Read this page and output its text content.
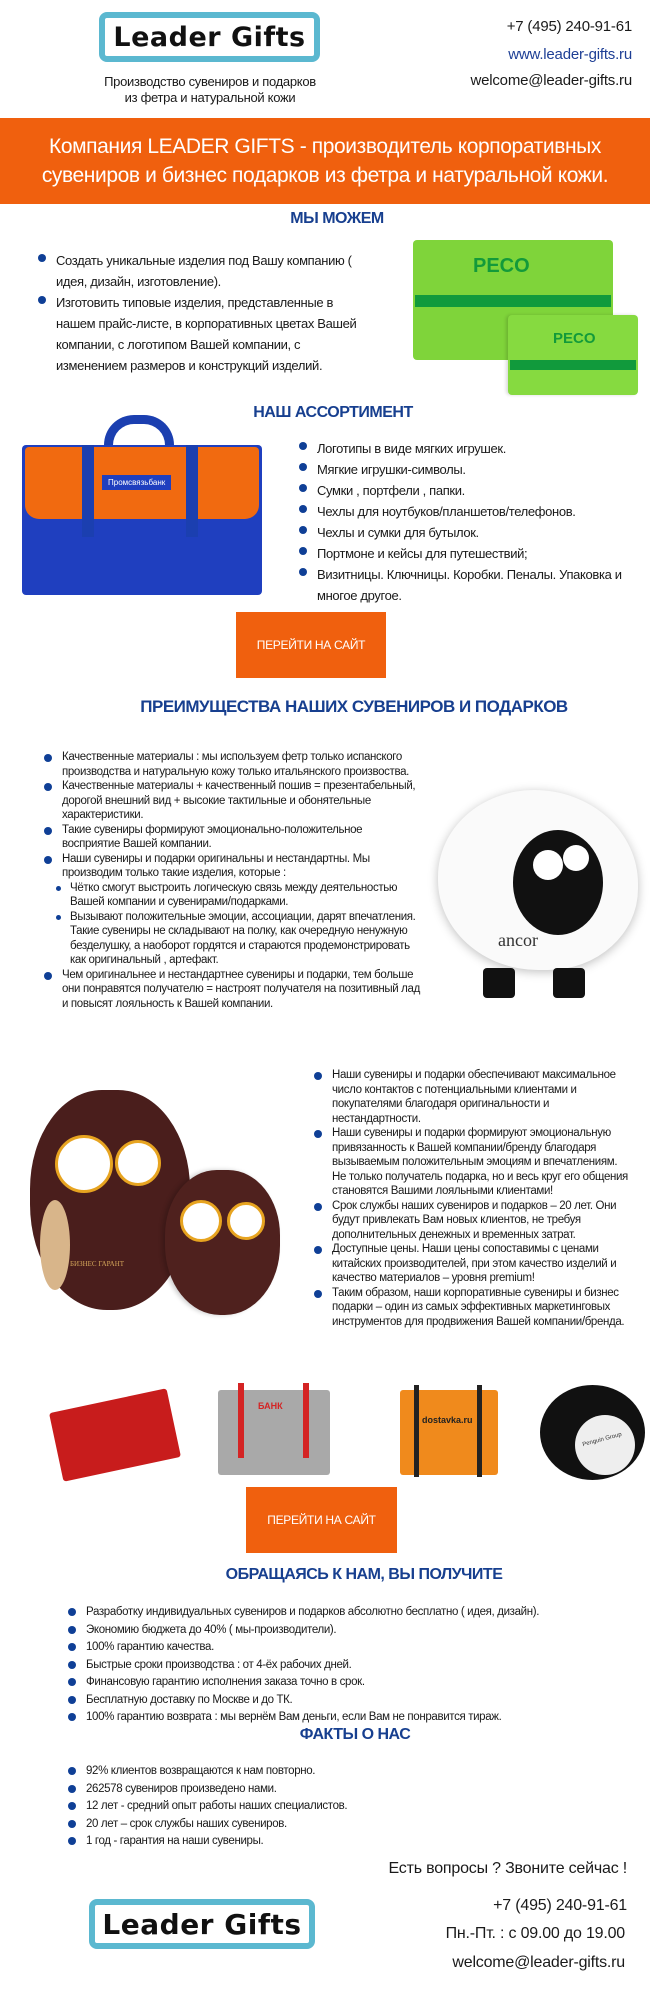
Leader Gifts
Производство сувениров и подарков
из фетра и натуральной кожи
+7 (495) 240-91-61
www.leader-gifts.ru
welcome@leader-gifts.ru
Компания LEADER GIFTS - производитель корпоративных
сувениров и бизнес подарков из фетра и натуральной кожи.
МЫ МОЖЕМ
Создать уникальные изделия под Вашу компанию ( идея, дизайн, изготовление).
Изготовить типовые изделия, представленные в нашем прайс-листе, в корпоративных цветах Вашей компании, с логотипом Вашей компании, с изменением размеров и конструкций изделий.
PECO
PECO
НАШ АССОРТИМЕНТ
Промсвязьбанк
Логотипы в виде мягких игрушек.
Мягкие игрушки-символы.
Сумки , портфели , папки.
Чехлы для ноутбуков/планшетов/телефонов.
Чехлы и сумки для бутылок.
Портмоне и кейсы для путешествий;
Визитницы. Ключницы. Коробки. Пеналы. Упаковка и многое другое.
ПЕРЕЙТИ НА САЙТ
ПРЕИМУЩЕСТВА НАШИХ СУВЕНИРОВ И ПОДАРКОВ
Качественные материалы : мы используем фетр только испанского производства и натуральную кожу только итальянского произвоства.
Качественные материалы + качественный пошив = презентабельный, дорогой внешний вид + высокие тактильные и обонятельные характеристики.
Такие сувениры формируют эмоционально-положительное восприятие Вашей компании.
Наши сувениры и подарки оригинальны и нестандартны. Мы производим только такие изделия, которые :
Чётко смогут выстроить логическую связь между деятельностью Вашей компании и сувенирами/подарками.
Вызывают положительные эмоции, ассоциации, дарят впечатления. Такие сувениры не складывают на полку, как очередную ненужную безделушку, а наоборот гордятся и стараются продемонстрировать как оригинальный , артефакт.
Чем оригинальнее и нестандартнее сувениры и подарки, тем больше они понравятся получателю = настроят получателя на позитивный лад и повысят лояльность к Вашей компании.
ancor
БИЗНЕС ГАРАНТ
Наши сувениры и подарки обеспечивают максимальное число контактов с потенциальными клиентами и покупателями благодаря оригинальности и нестандартности.
Наши сувениры и подарки формируют эмоциональную привязанность к Вашей компании/бренду благодаря вызываемым положительным эмоциям и впечатлениям.
Не только получатель подарка, но и весь круг его общения становятся Вашими лояльными клиентами!
Срок службы наших сувениров и подарков – 20 лет. Они будут привлекать Вам новых клиентов, не требуя дополнительных денежных и временных затрат.
Доступные цены. Наши цены сопоставимы с ценами китайских производителей, при этом качество изделий и качество материалов – уровня premium!
Таким образом, наши корпоративные сувениры и бизнес подарки – один из самых эффективных маркетинговых инструментов для продвижения Вашей компании/бренда.
БАНК
dostavka.ru
Penguin Group
ПЕРЕЙТИ НА САЙТ
ОБРАЩАЯСЬ К НАМ, ВЫ ПОЛУЧИТЕ
Разработку индивидуальных сувениров и подарков абсолютно бесплатно ( идея, дизайн).
Экономию бюджета до 40% ( мы-производители).
100% гарантию качества.
Быстрые сроки производства : от 4-ёх рабочих дней.
Финансовую гарантию исполнения заказа точно в срок.
Бесплатную доставку по Москве и до ТК.
100% гарантию возврата : мы вернём Вам деньги, если Вам не понравится тираж.
ФАКТЫ О НАС
92% клиентов возвращаются к нам повторно.
262578 сувениров произведено нами.
12 лет - средний опыт работы наших специалистов.
20 лет – срок службы наших сувениров.
1 год - гарантия на наши сувениры.
Есть вопросы ? Звоните сейчас !
+7 (495) 240-91-61
Пн.-Пт. : с 09.00 до 19.00
welcome@leader-gifts.ru
Leader Gifts
